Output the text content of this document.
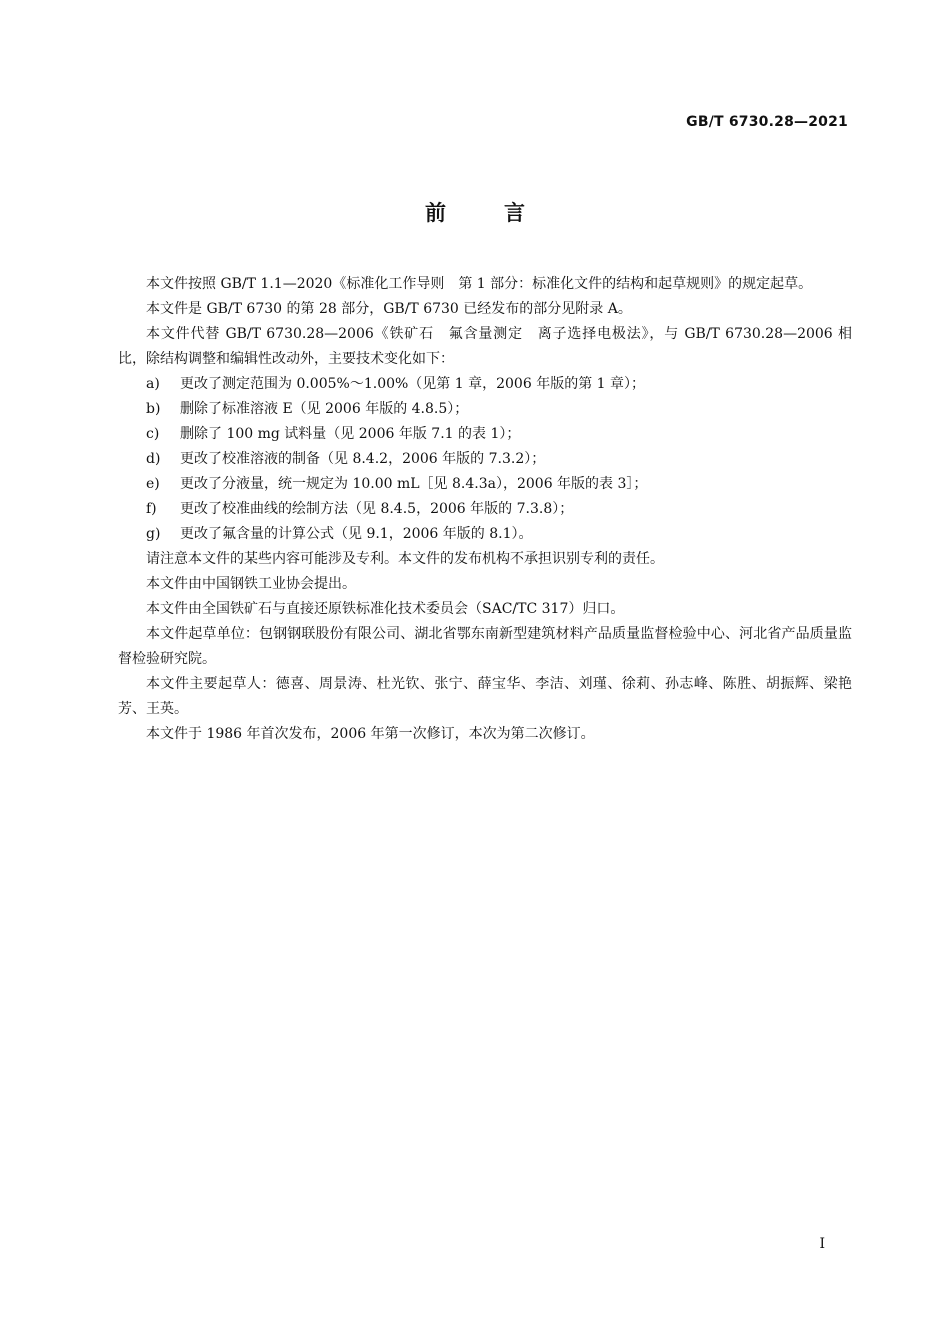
GB/T 6730.28—2021
前言

本文件按照 GB/T 1.1—2020《标准化工作导则　第 1 部分：标准化文件的结构和起草规则》的规定起草。

本文件是 GB/T 6730 的第 28 部分，GB/T 6730 已经发布的部分见附录 A。

本文件代替 GB/T 6730.28—2006《铁矿石　氟含量测定　离子选择电极法》，与 GB/T 6730.28—2006 相比，除结构调整和编辑性改动外，主要技术变化如下：

a)	更改了测定范围为 0.005%～1.00%（见第 1 章，2006 年版的第 1 章）；
b)	删除了标准溶液 E（见 2006 年版的 4.8.5）；
c)	删除了 100 mg 试料量（见 2006 年版 7.1 的表 1）；
d)	更改了校准溶液的制备（见 8.4.2，2006 年版的 7.3.2）；
e)	更改了分液量，统一规定为 10.00 mL［见 8.4.3a），2006 年版的表 3］；
f)	更改了校准曲线的绘制方法（见 8.4.5，2006 年版的 7.3.8）；
g)	更改了氟含量的计算公式（见 9.1，2006 年版的 8.1）。

请注意本文件的某些内容可能涉及专利。本文件的发布机构不承担识别专利的责任。

本文件由中国钢铁工业协会提出。

本文件由全国铁矿石与直接还原铁标准化技术委员会（SAC/TC 317）归口。

本文件起草单位：包钢钢联股份有限公司、湖北省鄂东南新型建筑材料产品质量监督检验中心、河北省产品质量监督检验研究院。

本文件主要起草人：德喜、周景涛、杜光钦、张宁、薛宝华、李洁、刘瑾、徐莉、孙志峰、陈胜、胡振辉、梁艳芳、王英。

本文件于 1986 年首次发布，2006 年第一次修订，本次为第二次修订。

I
